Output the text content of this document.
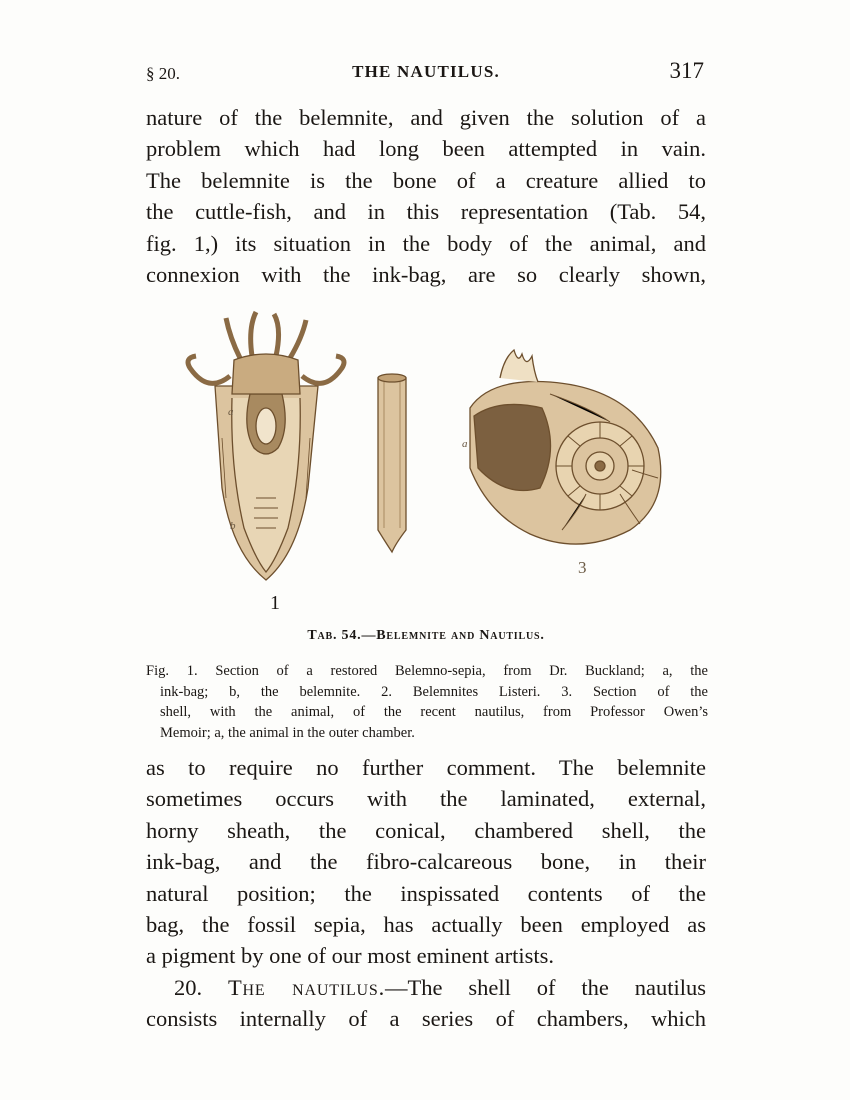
§ 20.	THE NAUTILUS.	317

nature of the belemnite, and given the solution of a
problem which had long been attempted in vain.
The belemnite is the bone of a creature allied to
the cuttle-fish, and in this representation (Tab. 54,
fig. 1,) its situation in the body of the animal, and
connexion with the ink-bag, are so clearly shown,

a
b
a
1
3
Tab. 54.—Belemnite and Nautilus.
Fig. 1. Section of a restored Belemno-sepia, from Dr. Buckland; a, the
ink-bag; b, the belemnite. 2. Belemnites Listeri. 3. Section of the
shell, with the animal, of the recent nautilus, from Professor Owen’s
Memoir; a, the animal in the outer chamber.

as to require no further comment. The belemnite
sometimes occurs with the laminated, external,
horny sheath, the conical, chambered shell, the
ink-bag, and the fibro-calcareous bone, in their
natural position; the inspissated contents of the
bag, the fossil sepia, has actually been employed as
a pigment by one of our most eminent artists.

20. The nautilus.—The shell of the nautilus
consists internally of a series of chambers, which
